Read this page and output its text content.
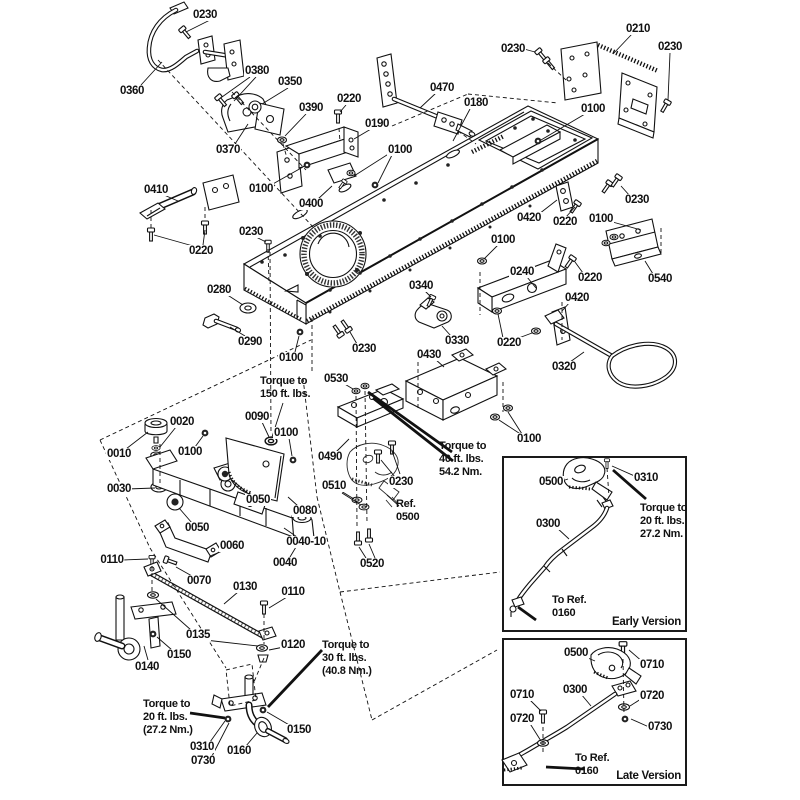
Early Version
Late Version
0230
0360
0380
0350
0390
0220
0190
0470
0180
0210
0230	0230
0100
0370
0100
0400
0100
0410
0220
0230
0280
0290
0100
0230
0420 0220 0100
0230
0100
0220	0540
0240
0420
0340
0330 0220
0320
0430
0530
0090
0020
0100
0010
0100
0030
0050
0080
0050
0040-10
0060
0040
0110
0070 0130 0110
0490
0510
0520
0230
0100
0135
0150
0140
0120
0150
0310
0730
0160
0500	0310
0300
0500
0710
0710	0300	0720
0720
0730
Torque to
150 ft. lbs.
Torque to
40 ft. lbs.
54.2 Nm.
Torque to
30 ft. lbs.
(40.8 Nm.)
Torque to
20 ft. lbs.
(27.2 Nm.)
Ref.
0500
Torque to
20 ft. lbs.
27.2 Nm.
To Ref.
0160
To Ref.
0160
